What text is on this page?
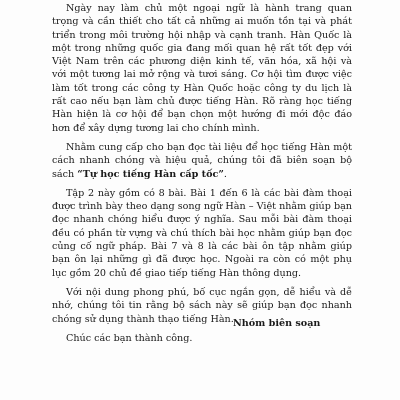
Ngày nay làm chủ một ngoại ngữ là hành trang quan trọng và cần thiết cho tất cả những ai muốn tồn tại và phát triển trong môi trường hội nhập và cạnh tranh. Hàn Quốc là một trong những quốc gia đang mối quan hệ rất tốt đẹp với Việt Nam trên các phương diện kinh tế, văn hóa, xã hội và với một tương lai mở rộng và tươi sáng. Cơ hội tìm được việc làm tốt trong các công ty Hàn Quốc hoặc công ty du lịch là rất cao nếu bạn làm chủ được tiếng Hàn. Rõ ràng học tiếng Hàn hiện là cơ hội để bạn chọn một hướng đi mới độc đáo hơn để xây dựng tương lai cho chính mình.

Nhằm cung cấp cho bạn đọc tài liệu để học tiếng Hàn một cách nhanh chóng và hiệu quả, chúng tôi đã biên soạn bộ sách “Tự học tiếng Hàn cấp tốc”.

Tập 2 này gồm có 8 bài. Bài 1 đến 6 là các bài đàm thoại được trình bày theo dạng song ngữ Hàn – Việt nhằm giúp bạn đọc nhanh chóng hiểu được ý nghĩa. Sau mỗi bài đàm thoại đều có phần từ vựng và chú thích bài học nhằm giúp bạn đọc củng cố ngữ pháp. Bài 7 và 8 là các bài ôn tập nhằm giúp bạn ôn lại những gì đã được học. Ngoài ra còn có một phụ lục gồm 20 chủ đề giao tiếp tiếng Hàn thông dụng.

Với nội dung phong phú, bố cục ngắn gọn, dễ hiểu và dễ nhớ, chúng tôi tin rằng bộ sách này sẽ giúp bạn đọc nhanh chóng sử dụng thành thạo tiếng Hàn.

Chúc các bạn thành công.

Nhóm biên soạn
